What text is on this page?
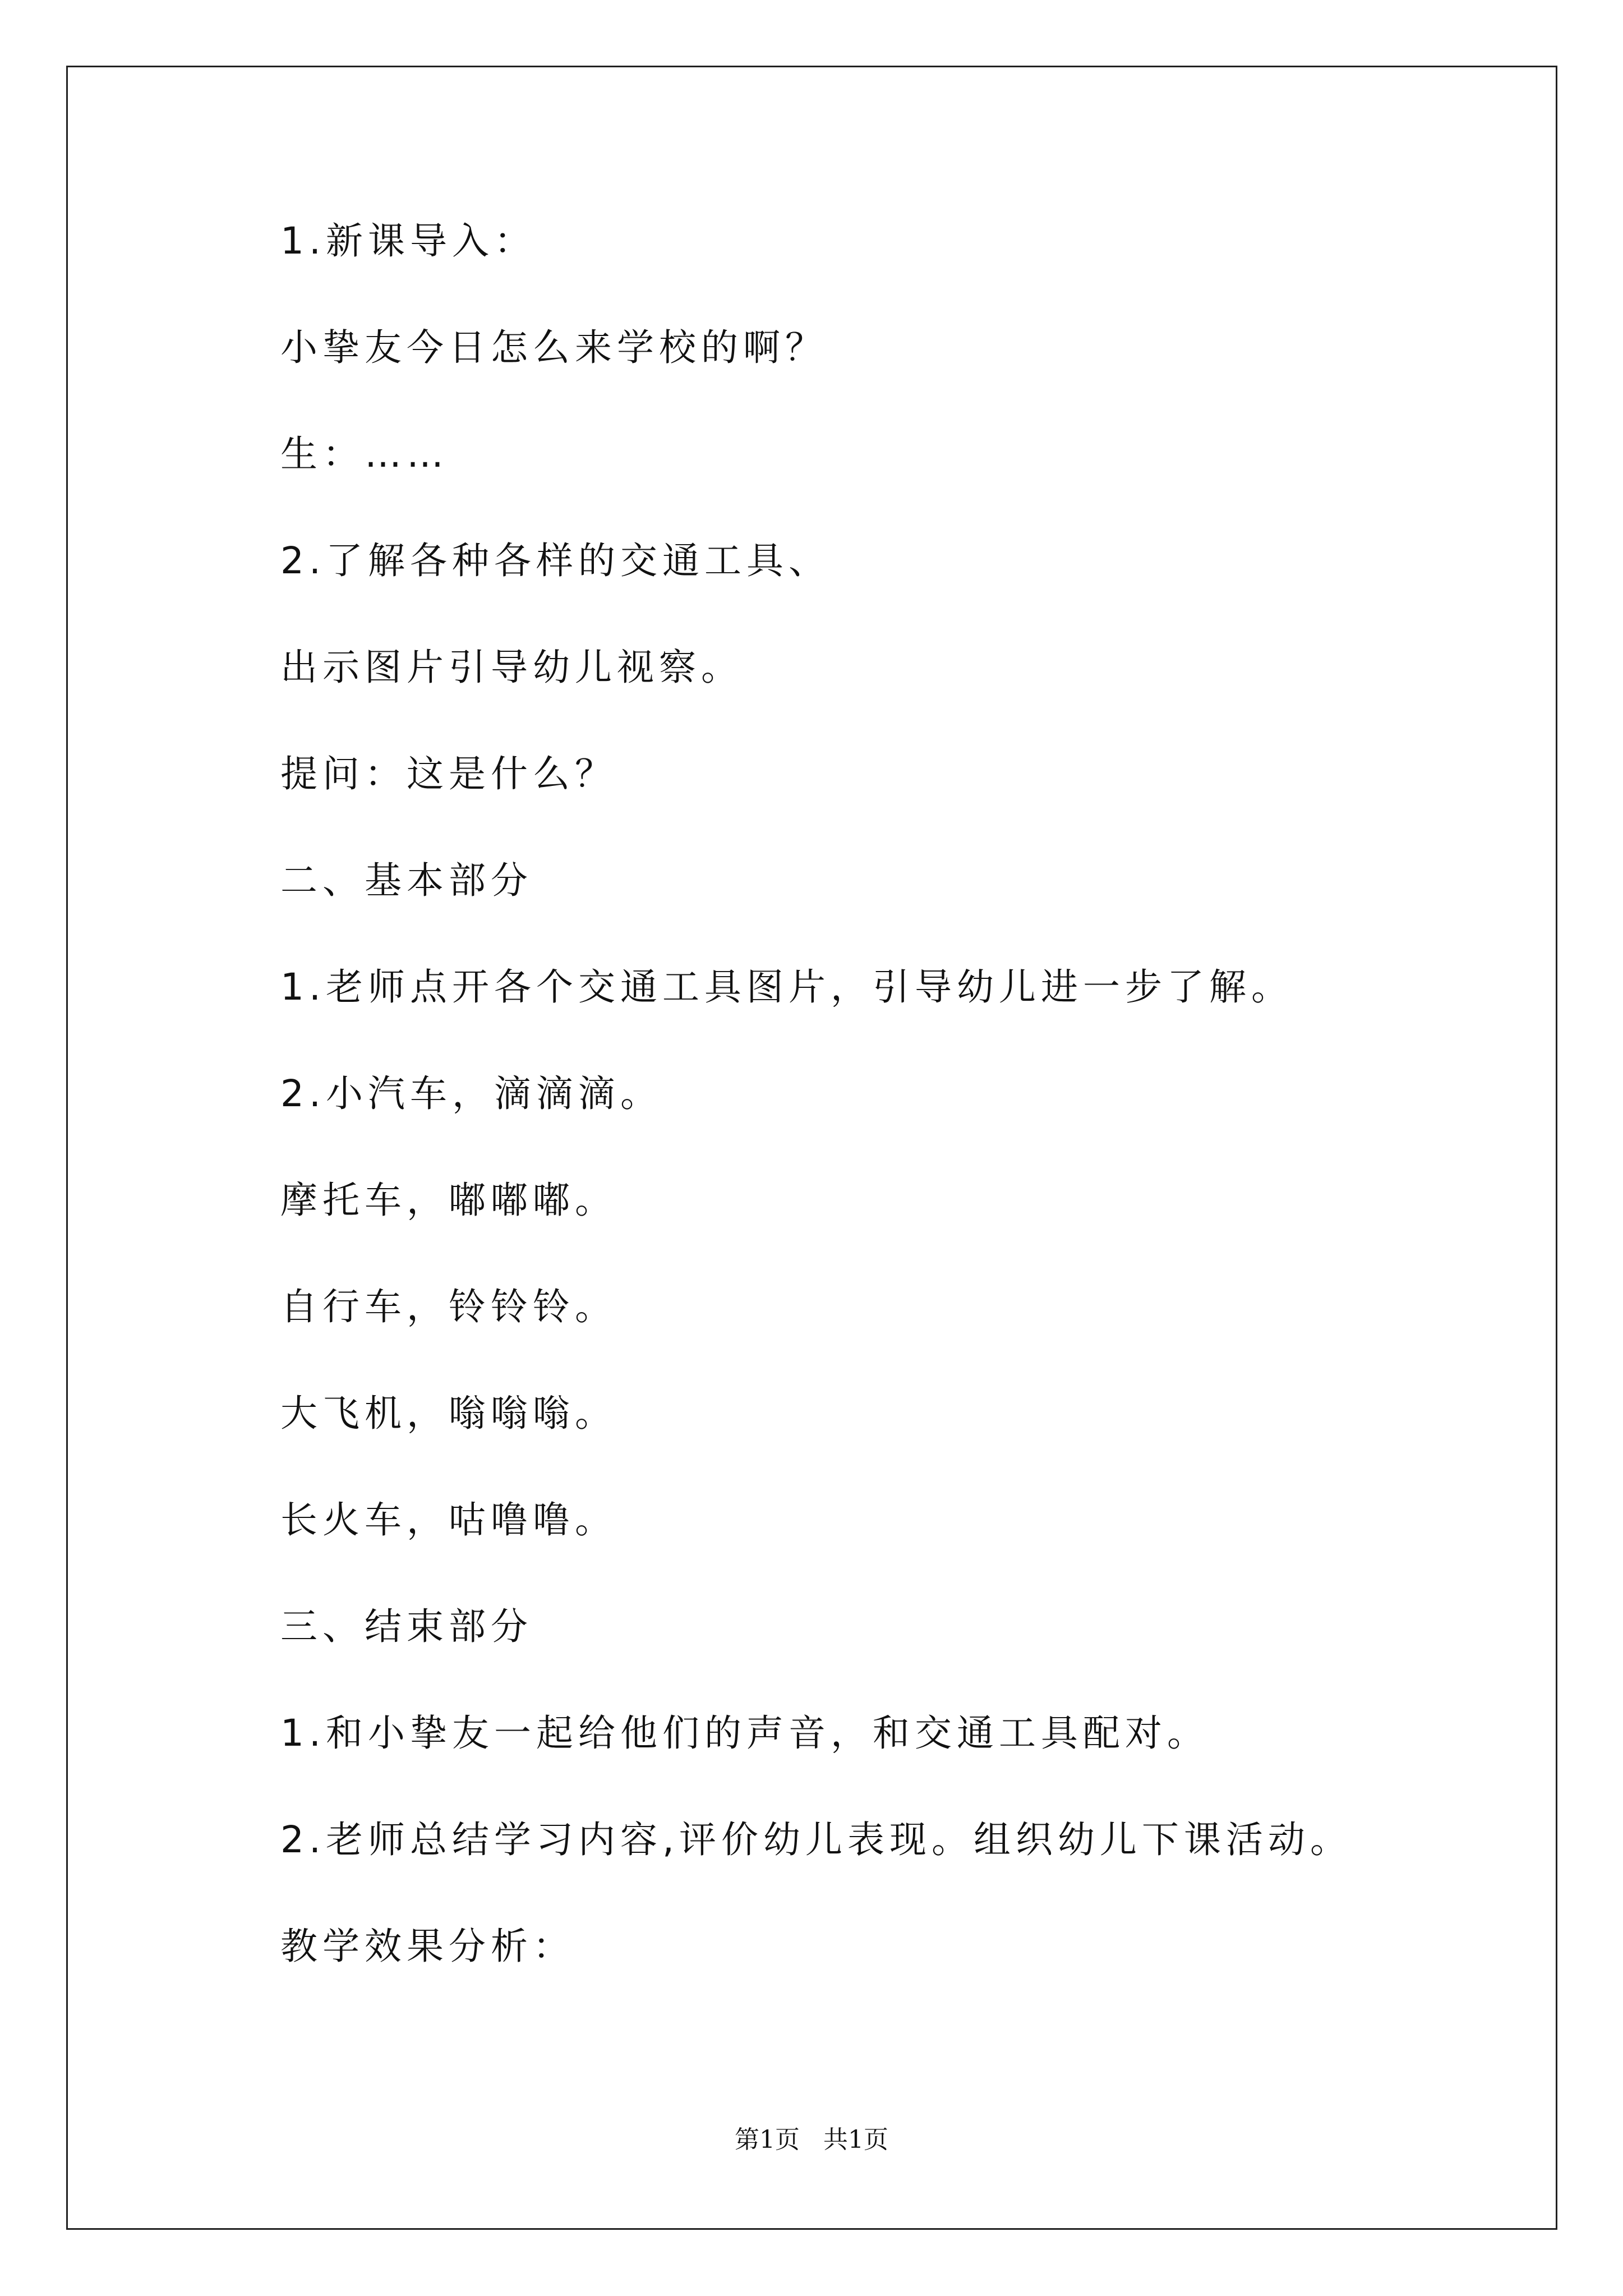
1.新课导入：
小挚友今日怎么来学校的啊？
生：……
2.了解各种各样的交通工具、
出示图片引导幼儿视察。
提问：这是什么？
二、基本部分
1.老师点开各个交通工具图片，引导幼儿进一步了解。
2.小汽车，滴滴滴。
摩托车，嘟嘟嘟。
自行车，铃铃铃。
大飞机，嗡嗡嗡。
长火车，咕噜噜。
三、结束部分
1.和小挚友一起给他们的声音，和交通工具配对。
2.老师总结学习内容,评价幼儿表现。组织幼儿下课活动。
教学效果分析：
第1页 共1页
